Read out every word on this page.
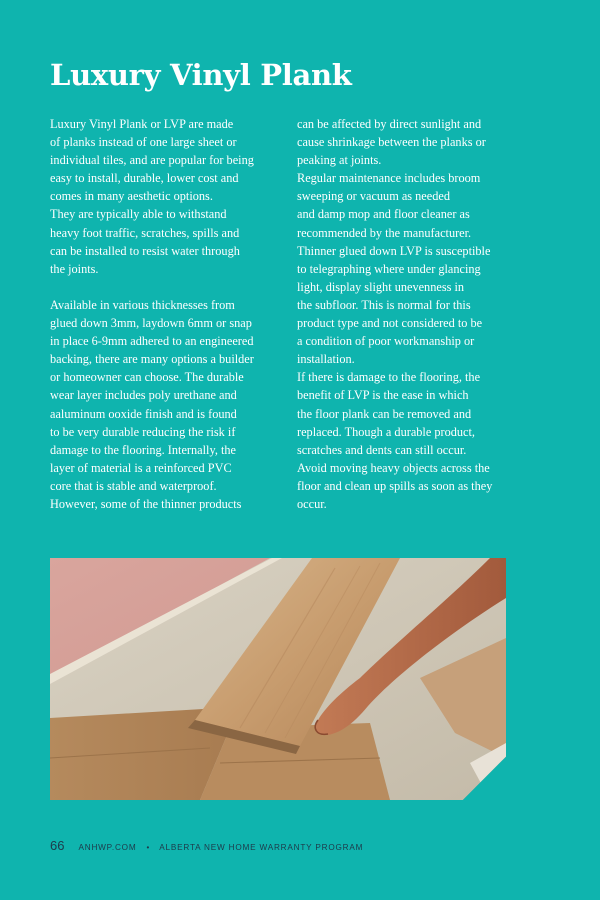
Luxury Vinyl Plank

Luxury Vinyl Plank or LVP are made
of planks instead of one large sheet or
individual tiles, and are popular for being
easy to install, durable, lower cost and
comes in many aesthetic options.
They are typically able to withstand
heavy foot traffic, scratches, spills and
can be installed to resist water through
the joints.

Available in various thicknesses from
glued down 3mm, laydown 6mm or snap
in place 6-9mm adhered to an engineered
backing, there are many options a builder
or homeowner can choose. The durable
wear layer includes poly urethane and
aaluminum ooxide finish and is found
to be very durable reducing the risk if
damage to the flooring. Internally, the
layer of material is a reinforced PVC
core that is stable and waterproof.
However, some of the thinner products

can be affected by direct sunlight and
cause shrinkage between the planks or
peaking at joints.
Regular maintenance includes broom
sweeping or vacuum as needed
and damp mop and floor cleaner as
recommended by the manufacturer.
Thinner glued down LVP is susceptible
to telegraphing where under glancing
light, display slight unevenness in
the subfloor. This is normal for this
product type and not considered to be
a condition of poor workmanship or
installation.
If there is damage to the flooring, the
benefit of LVP is the ease in which
the floor plank can be removed and
replaced. Though a durable product,
scratches and dents can still occur.
Avoid moving heavy objects across the
floor and clean up spills as soon as they
occur.

66 ANHWP.COM • ALBERTA NEW HOME WARRANTY PROGRAM
